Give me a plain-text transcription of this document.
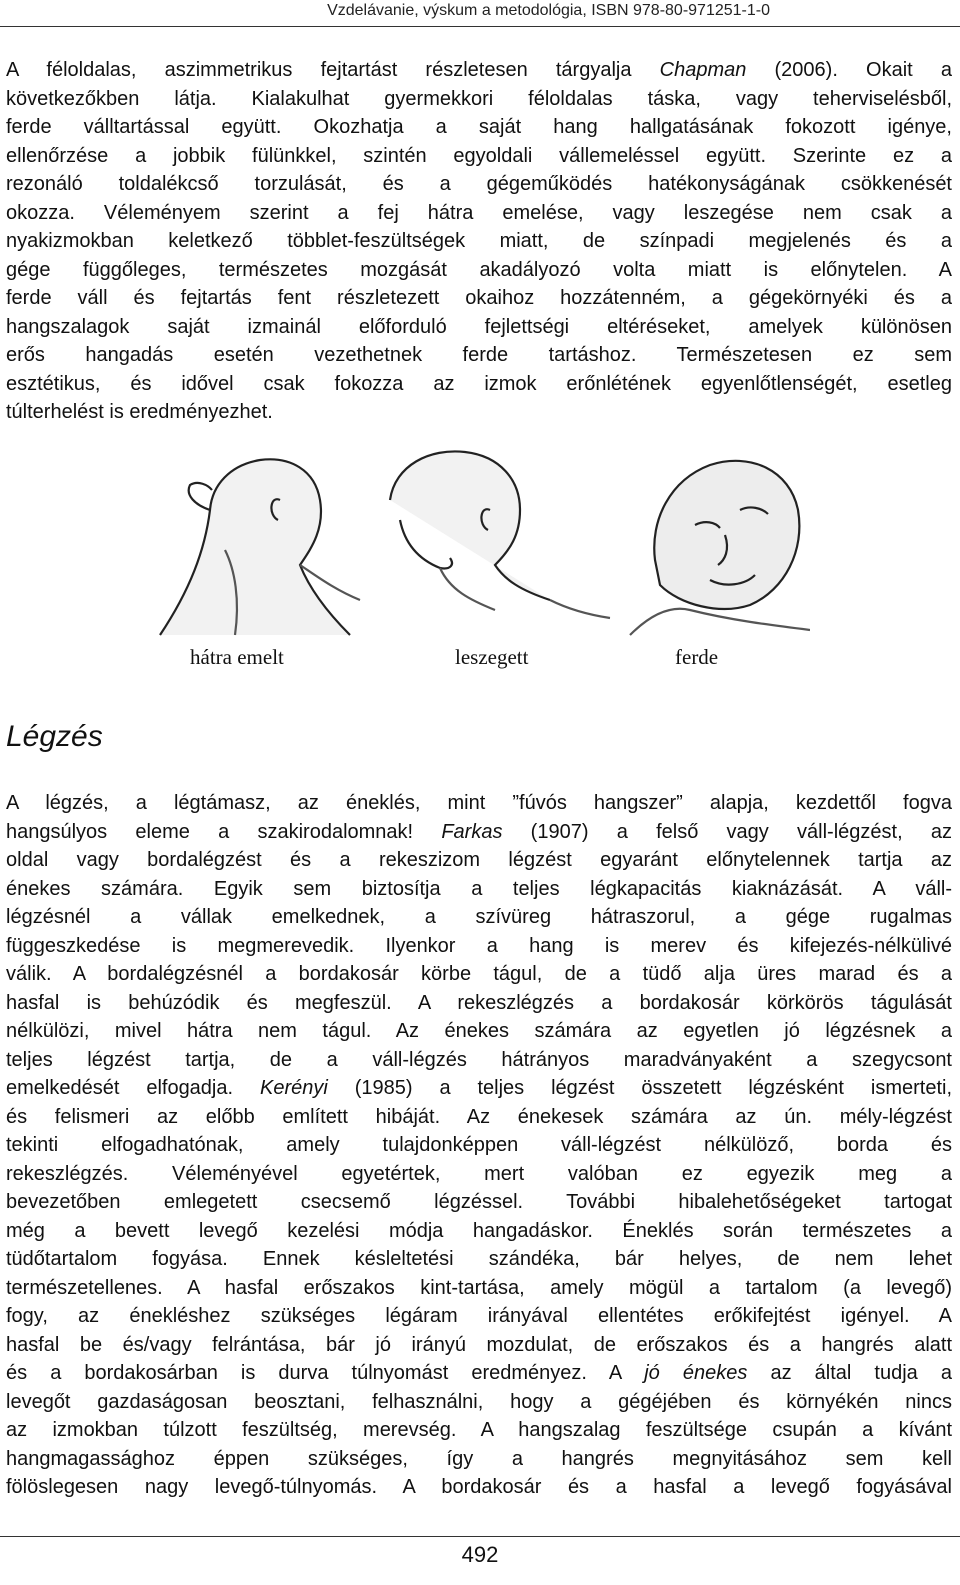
Vzdelávanie, výskum a metodológia, ISBN 978-80-971251-1-0
A féloldalas, aszimmetrikus fejtartást részletesen tárgyalja Chapman (2006). Okait a
következőkben látja. Kialakulhat gyermekkori féloldalas táska, vagy teherviselésből,
ferde válltartással együtt. Okozhatja a saját hang hallgatásának fokozott igénye,
ellenőrzése a jobbik fülünkkel, szintén egyoldali vállemeléssel együtt. Szerinte ez a
rezonáló toldalékcső torzulását, és a gégeműködés hatékonyságának csökkenését
okozza. Véleményem szerint a fej hátra emelése, vagy leszegése nem csak a
nyakizmokban keletkező többlet-feszültségek miatt, de színpadi megjelenés és a
gége függőleges, természetes mozgását akadályozó volta miatt is előnytelen. A
ferde váll és fejtartás fent részletezett okaihoz hozzátenném, a gégekörnyéki és a
hangszalagok saját izmainál előforduló fejlettségi eltéréseket, amelyek különösen
erős hangadás esetén vezethetnek ferde tartáshoz. Természetesen ez sem
esztétikus, és idővel csak fokozza az izmok erőnlétének egyenlőtlenségét, esetleg
túlterhelést is eredményezhet.
hátra emelt	leszegett	ferde
Légzés
A légzés, a légtámasz, az éneklés, mint ”fúvós hangszer” alapja, kezdettől fogva
hangsúlyos eleme a szakirodalomnak! Farkas (1907) a felső vagy váll-légzést, az
oldal vagy bordalégzést és a rekeszizom légzést egyaránt előnytelennek tartja az
énekes számára. Egyik sem biztosítja a teljes légkapacitás kiaknázását. A váll-
légzésnél a vállak emelkednek, a szívüreg hátraszorul, a gége rugalmas
függeszkedése is megmerevedik. Ilyenkor a hang is merev és kifejezés-nélkülivé
válik. A bordalégzésnél a bordakosár körbe tágul, de a tüdő alja üres marad és a
hasfal is behúzódik és megfeszül. A rekeszlégzés a bordakosár körkörös tágulását
nélkülözi, mivel hátra nem tágul. Az énekes számára az egyetlen jó légzésnek a
teljes légzést tartja, de a váll-légzés hátrányos maradványaként a szegycsont
emelkedését elfogadja. Kerényi (1985) a teljes légzést összetett légzésként ismerteti,
és felismeri az előbb említett hibáját. Az énekesek számára az ún. mély-légzést
tekinti elfogadhatónak, amely tulajdonképpen váll-légzést nélkülöző, borda és
rekeszlégzés. Véleményével egyetértek, mert valóban ez egyezik meg a
bevezetőben emlegetett csecsemő légzéssel. További hibalehetőségeket tartogat
még a bevett levegő kezelési módja hangadáskor. Éneklés során természetes a
tüdőtartalom fogyása. Ennek késleltetési szándéka, bár helyes, de nem lehet
természetellenes. A hasfal erőszakos kint-tartása, amely mögül a tartalom (a levegő)
fogy, az énekléshez szükséges légáram irányával ellentétes erőkifejtést igényel. A
hasfal be és/vagy felrántása, bár jó irányú mozdulat, de erőszakos és a hangrés alatt
és a bordakosárban is durva túlnyomást eredményez. A jó énekes az által tudja a
levegőt gazdaságosan beosztani, felhasználni, hogy a gégéjében és környékén nincs
az izmokban túlzott feszültség, merevség. A hangszalag feszültsége csupán a kívánt
hangmagassághoz éppen szükséges, így a hangrés megnyitásához sem kell
fölöslegesen nagy levegő-túlnyomás. A bordakosár és a hasfal a levegő fogyásával
492
